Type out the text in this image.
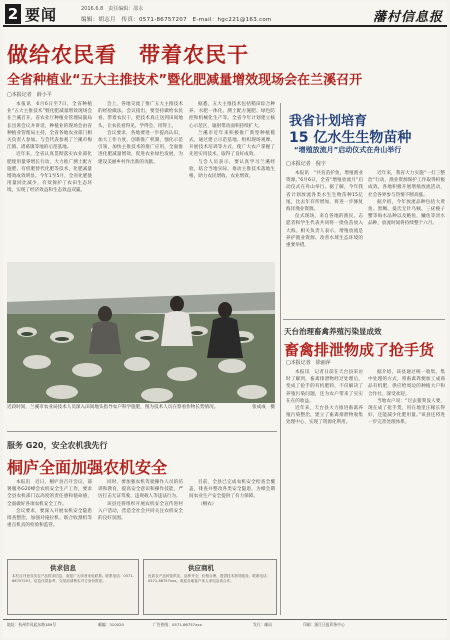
2 要闻	2016.6.8　责任编辑：邵永
编辑：胡志月　传真：0571-86757207　E-mail：hgc221@163.com	藩村信息报
做给农民看　带着农民干
全省种植业“五大主推技术”暨化肥减量增效现场会在兰溪召开
□本报记者　薛小平

本报讯　6月6日至7日，全省种植业“五大主推技术”暨化肥减量增效现场会在兰溪召开。省农业厅种植业管理局副局长出席会议并讲话，种植业的现场会由省种植业管理局主持，全省各地农业部门相关负责人参加。与会代表参观了兰溪市梅江镇、诸葛镇等地的示范基地。

近年来，全省认真贯彻落实农业部化肥使用量零增长行动，大力推广测土配方施肥、有机肥替代化肥等技术，化肥减量增效成效明显。今年1至5月，全省化肥使用量同比减少，有效保护了农田生态环境，实现了经济效益和生态效益双赢。

会上，各地交流了推广五大主推技术的经验做法。会议指出，要坚持做给农民看、带着农民干，把技术真正送到田间地头，让农民看得见、学得会、用得上。

会议要求，各地要进一步提高认识，加大工作力度，创新推广机制，强化示范引领，加快主推技术的推广应用，全面推进化肥减量增效，促进农业绿色发展，为建设美丽乡村作出新的贡献。

据悉，五大主推技术包括稻田综合种养、水肥一体化、测土配方施肥、绿色防控和机械化生产等。全省今年计划建立核心示范区，辐射带动面积持续扩大。

兰溪市近年来积极推广新型种植模式，通过建立示范基地、组织现场观摩、开展技术培训等方式，使广大农户掌握了先进实用技术，取得了良好成效。

与会人员表示，要认真学习兰溪经验，结合当地实际，推动主推技术落地生根，助力农民增收、农业增效。

近段时间，兰溪市农业局技术人员深入田间地头指导农户科学施肥，图为技术人员在察看作物长势情况。	张成成　摄
我省计划培育
15 亿水生生物苗种
“增殖放流月”启动仪式在舟山举行
□本报记者　倪宇

本报讯　“共育苗护鱼，增殖渔业资源。”6月6日，全省“增殖放流月”启动仪式在舟山举行。据了解，今年我省计划放流各类水生生物苗种15亿尾，比去年有所增加，将进一步修复海洋渔业资源。

仪式现场，来自各地的渔民、志愿者和学生代表共同将一批鱼苗放入大海。相关负责人表示，增殖放流是养护渔业资源、改善水域生态环境的重要举措。

近年来，我省大力实施“一打三整治”行动，渔业资源保护工作取得积极成效。各地积极开展增殖放流活动，社会各界参与热情不断高涨。

据介绍，今年放流品种包括大黄鱼、黑鲷、曼氏无针乌贼、三疣梭子蟹等海水品种以及鲢鱼、鳙鱼等淡水品种，放流时间将持续整个六月。

天台治理畜禽养殖污染显成效
畜禽排泄物成了抢手货
□本报记者　徐丽萍

本报讯　记者日前在天台县采访时了解到，畜禽排泄物经过处理后，变成了抢手的有机肥料，不仅解决了养殖污染问题，还为农户带来了实实在在的收益。

近年来，天台县大力推进畜禽养殖污染整治，建立了畜禽排泄物收集处理中心，实现了资源化利用。

据介绍，该县通过统一收集、集中处理的方式，将畜禽粪便加工成商品有机肥，供应给周边的种植大户和合作社，深受欢迎。

当地农户说：“过去猪粪没人要，现在成了抢手货，用在地里庄稼长得好，还能减少化肥用量。”该县还将进一步完善处理体系。

服务 G20，安全农机我先行
桐庐全面加强农机安全

本报讯　近日，桐庐县召开会议，部署服务G20峰会农机安全生产工作，要求全县农机部门以高度的责任感和使命感，全面做好各项农机安全工作。

会议要求，要深入开展农机安全隐患排查整治，加强对拖拉机、联合收割机等重点机具的检验和监管。

同时，要加强农机驾驶操作人员的培训和教育，提高安全意识和操作技能，严厉打击无证驾驶、违规载人等违法行为。

该县还将组织开展农机安全宣传进村入户活动，营造全社会共同关注农机安全的良好氛围。

目前，全县已完成农机安全检查全覆盖，排查并整改各类安全隐患，为峰会期间农业生产安全提供了有力保障。

（桐农）

供求信息
本栏目刊登各类农产品供求信息，欢迎广大读者来电联系。联系电话：0571-86757207。信息仅供参考，交易前请核实对方身份资质。
供应商机
优质农产品种苗供应，品种齐全，价格合理，提供技术指导服务。联系电话：0571-86757xxx。欢迎各地客户来人来电洽谈合作。
地址：杭州市凤起东路189号	邮编：310020	广告热线：0571-86757xxx	发行：邮局	印刷：浙江日报印务中心
